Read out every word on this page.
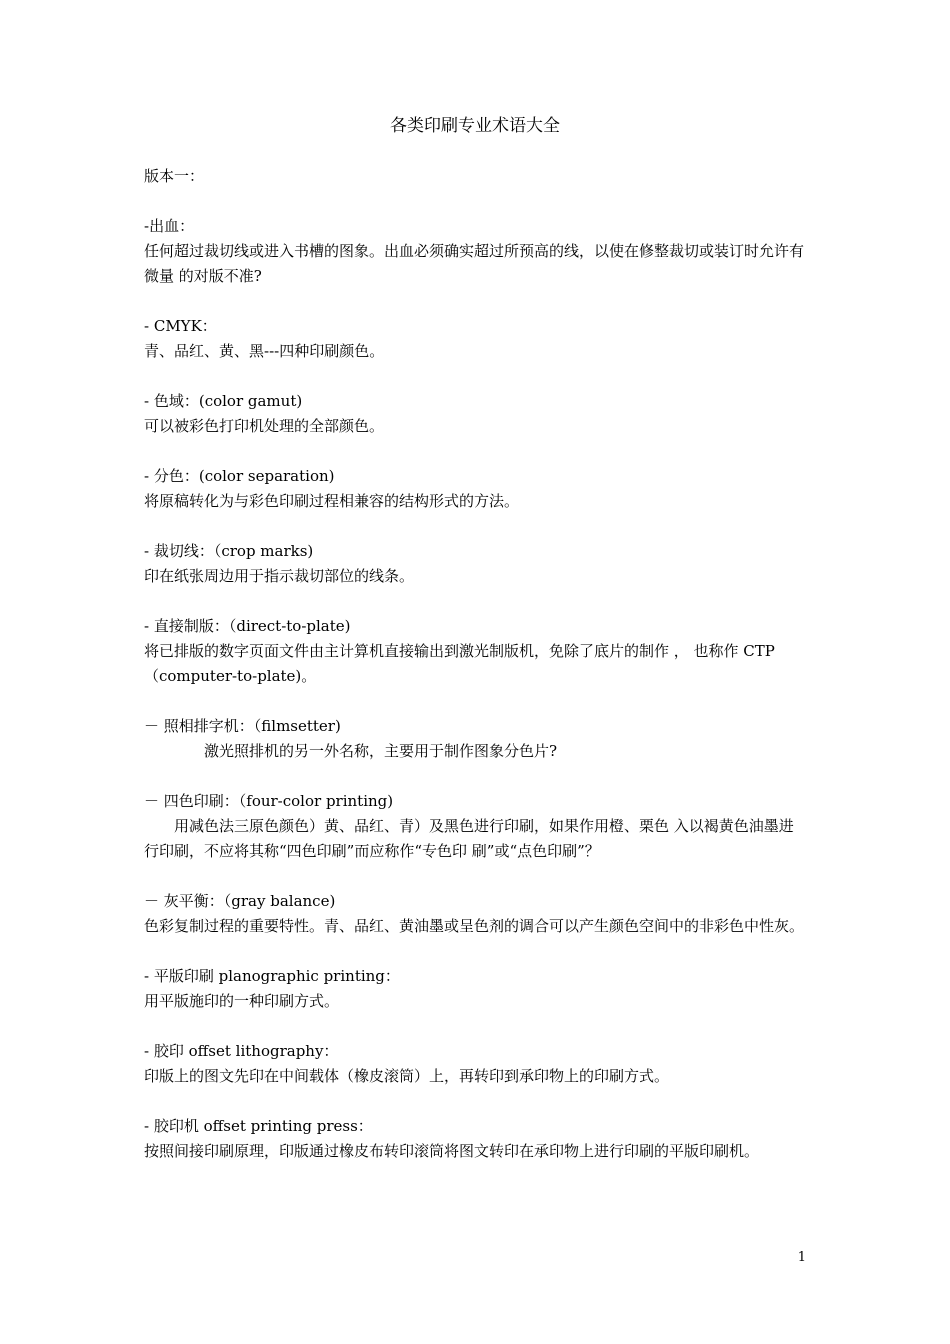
各类印刷专业术语大全

版本一：

-出血：

任何超过裁切线或进入书槽的图象。出血必须确实超过所预高的线，以使在修整裁切或装订时允许有微量 的对版不准?

- CMYK：

青、品红、黄、黑---四种印刷颜色。

- 色域：(color gamut)

可以被彩色打印机处理的全部颜色。

- 分色：(color separation)

将原稿转化为与彩色印刷过程相兼容的结构形式的方法。

- 裁切线：（crop marks)

印在纸张周边用于指示裁切部位的线条。

- 直接制版：（direct-to-plate)

将已排版的数字页面文件由主计算机直接输出到激光制版机，免除了底片的制作 ， 也称作 CTP （computer-to-plate)。

－ 照相排字机：（filmsetter)

激光照排机的另一外名称，主要用于制作图象分色片?

－ 四色印刷：（four-color printing)

用减色法三原色颜色）黄、品红、青）及黑色进行印刷，如果作用橙、栗色 入以褐黄色油墨进行印刷，不应将其称“四色印刷”而应称作“专色印 刷”或“点色印刷”？

－ 灰平衡：（gray balance)

色彩复制过程的重要特性。青、品红、黄油墨或呈色剂的调合可以产生颜色空间中的非彩色中性灰。

- 平版印刷 planographic printing：

用平版施印的一种印刷方式。

- 胶印 offset lithography：

印版上的图文先印在中间载体（橡皮滚筒）上，再转印到承印物上的印刷方式。

- 胶印机 offset printing press：

按照间接印刷原理，印版通过橡皮布转印滚筒将图文转印在承印物上进行印刷的平版印刷机。

1
